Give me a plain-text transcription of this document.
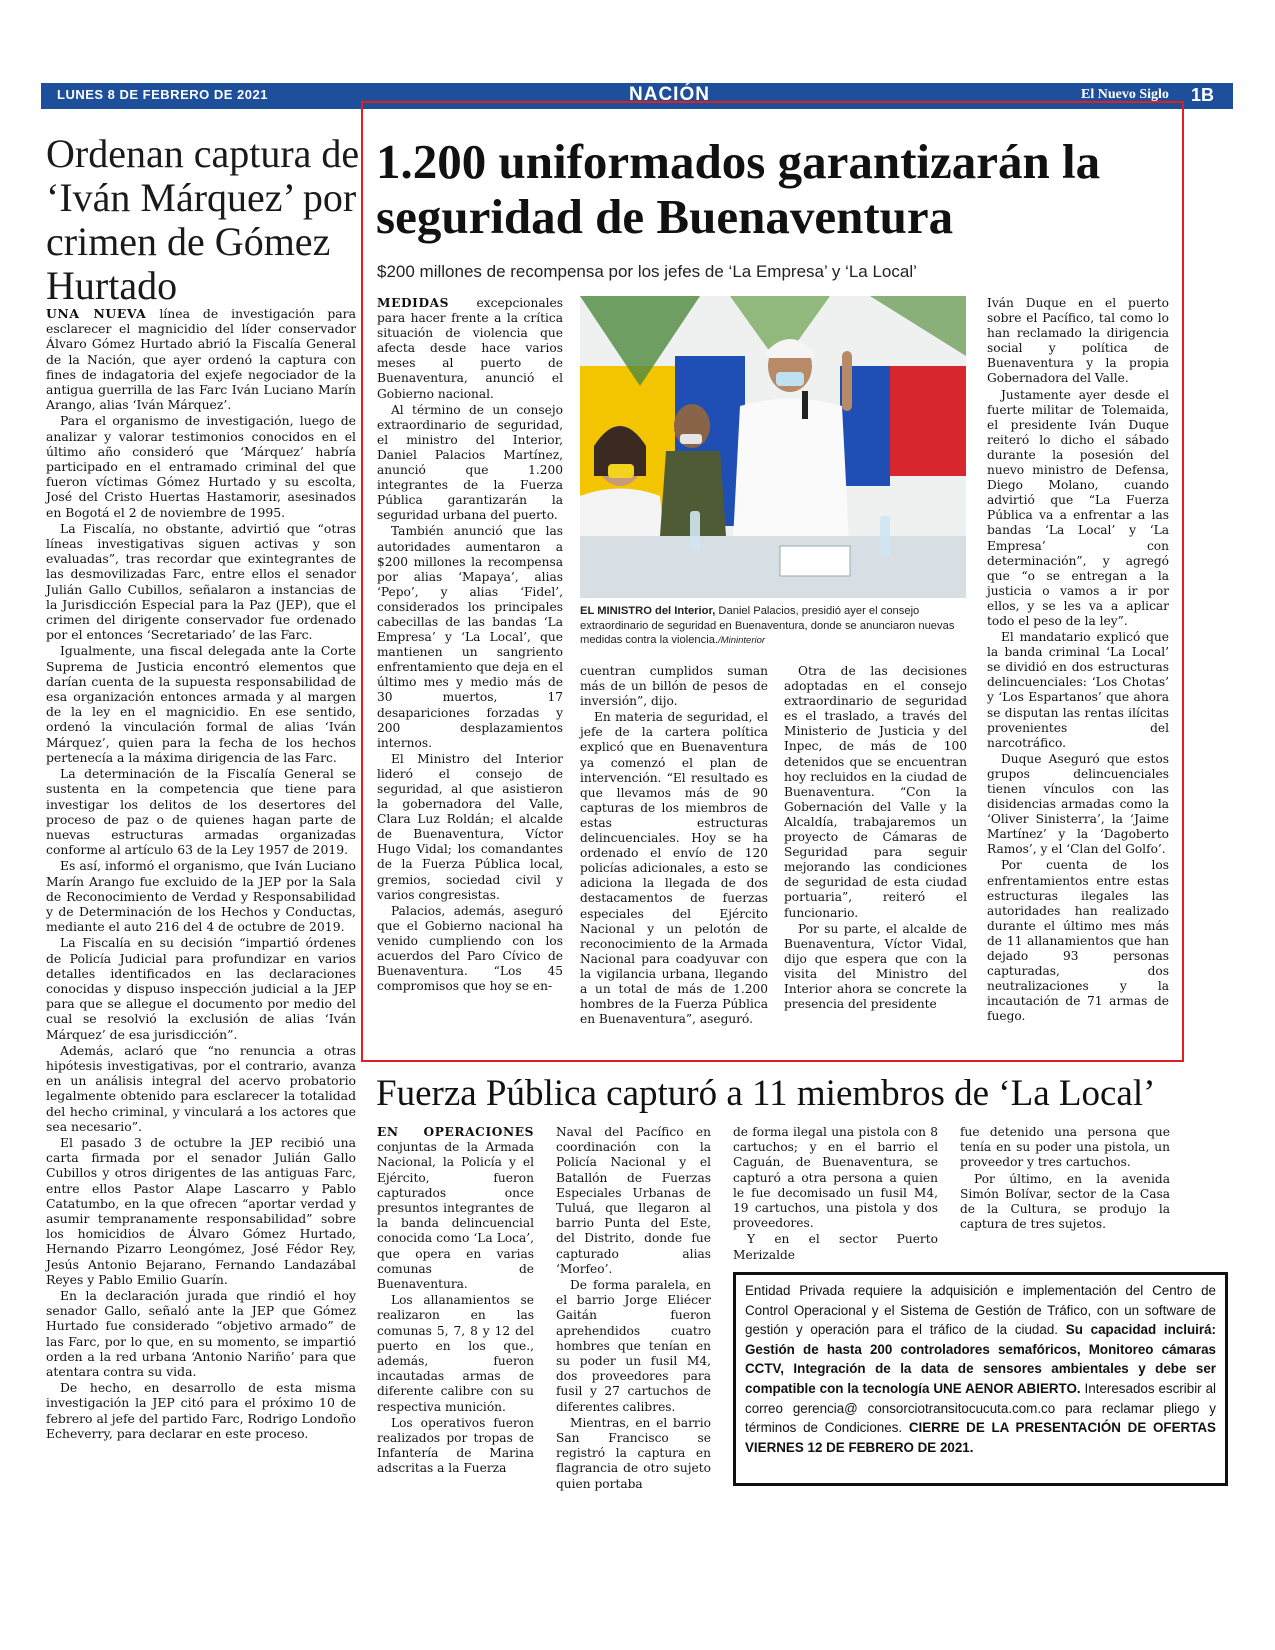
LUNES 8 DE FEBRERO DE 2021	NACIÓN	El Nuevo Siglo 1B
Ordenan captura de ‘Iván Márquez’ por crimen de Gómez Hurtado

UNA NUEVA línea de investigación para esclarecer el magnicidio del líder conservador Álvaro Gómez Hurtado abrió la Fiscalía General de la Nación, que ayer ordenó la captura con fines de indagatoria del exjefe negociador de la antigua guerrilla de las Farc Iván Luciano Marín Arango, alias ‘Iván Márquez’.

Para el organismo de investigación, luego de analizar y valorar testimonios conocidos en el último año consideró que ‘Márquez’ habría participado en el entramado criminal del que fueron víctimas Gómez Hurtado y su escolta, José del Cristo Huertas Hastamorir, asesinados en Bogotá el 2 de noviembre de 1995.

La Fiscalía, no obstante, advirtió que “otras líneas investigativas siguen activas y son evaluadas”, tras recordar que exintegrantes de las desmovilizadas Farc, entre ellos el senador Julián Gallo Cubillos, señalaron a instancias de la Jurisdicción Especial para la Paz (JEP), que el crimen del dirigente conservador fue ordenado por el entonces ‘Secretariado’ de las Farc.

Igualmente, una fiscal delegada ante la Corte Suprema de Justicia encontró elementos que darían cuenta de la supuesta responsabilidad de esa organización entonces armada y al margen de la ley en el magnicidio. En ese sentido, ordenó la vinculación formal de alias ‘Iván Márquez’, quien para la fecha de los hechos pertenecía a la máxima dirigencia de las Farc.

La determinación de la Fiscalía General se sustenta en la competencia que tiene para investigar los delitos de los desertores del proceso de paz o de quienes hagan parte de nuevas estructuras armadas organizadas conforme al artículo 63 de la Ley 1957 de 2019.

Es así, informó el organismo, que Iván Luciano Marín Arango fue excluido de la JEP por la Sala de Reconocimiento de Verdad y Responsabilidad y de Determinación de los Hechos y Conductas, mediante el auto 216 del 4 de octubre de 2019.

La Fiscalía en su decisión “impartió órdenes de Policía Judicial para profundizar en varios detalles identificados en las declaraciones conocidas y dispuso inspección judicial a la JEP para que se allegue el documento por medio del cual se resolvió la exclusión de alias ‘Iván Márquez’ de esa jurisdicción”.

Además, aclaró que “no renuncia a otras hipótesis investigativas, por el contrario, avanza en un análisis integral del acervo probatorio legalmente obtenido para esclarecer la totalidad del hecho criminal, y vinculará a los actores que sea necesario”.

El pasado 3 de octubre la JEP recibió una carta firmada por el senador Julián Gallo Cubillos y otros dirigentes de las antiguas Farc, entre ellos Pastor Alape Lascarro y Pablo Catatumbo, en la que ofrecen “aportar verdad y asumir tempranamente responsabilidad” sobre los homicidios de Álvaro Gómez Hurtado, Hernando Pizarro Leongómez, José Fédor Rey, Jesús Antonio Bejarano, Fernando Landazábal Reyes y Pablo Emilio Guarín.

En la declaración jurada que rindió el hoy senador Gallo, señaló ante la JEP que Gómez Hurtado fue considerado “objetivo armado” de las Farc, por lo que, en su momento, se impartió orden a la red urbana ‘Antonio Nariño’ para que atentara contra su vida.

De hecho, en desarrollo de esta misma investigación la JEP citó para el próximo 10 de febrero al jefe del partido Farc, Rodrigo Londoño Echeverry, para declarar en este proceso.

1.200 uniformados garantizarán la seguridad de Buenaventura
$200 millones de recompensa por los jefes de ‘La Empresa’ y ‘La Local’

MEDIDAS excepcionales para hacer frente a la crítica situación de violencia que afecta desde hace varios meses al puerto de Buenaventura, anunció el Gobierno nacional.

Al término de un consejo extraordinario de seguridad, el ministro del Interior, Daniel Palacios Martínez, anunció que 1.200 integrantes de la Fuerza Pública garantizarán la seguridad urbana del puerto.

También anunció que las autoridades aumentaron a $200 millones la recompensa por alias ‘Mapaya’, alias ‘Pepo’, y alias ‘Fidel’, considerados los principales cabecillas de las bandas ‘La Empresa’ y ‘La Local’, que mantienen un sangriento enfrentamiento que deja en el último mes y medio más de 30 muertos, 17 desapariciones forzadas y 200 desplazamientos internos.

El Ministro del Interior lideró el consejo de seguridad, al que asistieron la gobernadora del Valle, Clara Luz Roldán; el alcalde de Buenaventura, Víctor Hugo Vidal; los comandantes de la Fuerza Pública local, gremios, sociedad civil y varios congresistas.

Palacios, además, aseguró que el Gobierno nacional ha venido cumpliendo con los acuerdos del Paro Cívico de Buenaventura. “Los 45 compromisos que hoy se en-

EL MINISTRO del Interior, Daniel Palacios, presidió ayer el consejo extraordinario de seguridad en Buenaventura, donde se anunciaron nuevas medidas contra la violencia./Mininterior

cuentran cumplidos suman más de un billón de pesos de inversión”, dijo.

En materia de seguridad, el jefe de la cartera política explicó que en Buenaventura ya comenzó el plan de intervención. “El resultado es que llevamos más de 90 capturas de los miembros de estas estructuras delincuenciales. Hoy se ha ordenado el envío de 120 policías adicionales, a esto se adiciona la llegada de dos destacamentos de fuerzas especiales del Ejército Nacional y un pelotón de reconocimiento de la Armada Nacional para coadyuvar con la vigilancia urbana, llegando a un total de más de 1.200 hombres de la Fuerza Pública en Buenaventura”, aseguró.

Otra de las decisiones adoptadas en el consejo extraordinario de seguridad es el traslado, a través del Ministerio de Justicia y del Inpec, de más de 100 detenidos que se encuentran hoy recluidos en la ciudad de Buenaventura. “Con la Gobernación del Valle y la Alcaldía, trabajaremos un proyecto de Cámaras de Seguridad para seguir mejorando las condiciones de seguridad de esta ciudad portuaria”, reiteró el funcionario.

Por su parte, el alcalde de Buenaventura, Víctor Vidal, dijo que espera que con la visita del Ministro del Interior ahora se concrete la presencia del presidente

Iván Duque en el puerto sobre el Pacífico, tal como lo han reclamado la dirigencia social y política de Buenaventura y la propia Gobernadora del Valle.

Justamente ayer desde el fuerte militar de Tolemaida, el presidente Iván Duque reiteró lo dicho el sábado durante la posesión del nuevo ministro de Defensa, Diego Molano, cuando advirtió que “La Fuerza Pública va a enfrentar a las bandas ‘La Local’ y ‘La Empresa’ con determinación”, y agregó que “o se entregan a la justicia o vamos a ir por ellos, y se les va a aplicar todo el peso de la ley”.

El mandatario explicó que la banda criminal ‘La Local’ se dividió en dos estructuras delincuenciales: ‘Los Chotas’ y ‘Los Espartanos’ que ahora se disputan las rentas ilícitas provenientes del narcotráfico.

Duque Aseguró que estos grupos delincuenciales tienen vínculos con las disidencias armadas como la ‘Oliver Sinisterra’, la ‘Jaime Martínez’ y la ‘Dagoberto Ramos’, y el ‘Clan del Golfo’.

Por cuenta de los enfrentamientos entre estas estructuras ilegales las autoridades han realizado durante el último mes más de 11 allanamientos que han dejado 93 personas capturadas, dos neutralizaciones y la incautación de 71 armas de fuego.

Fuerza Pública capturó a 11 miembros de ‘La Local’

EN OPERACIONES conjuntas de la Armada Nacional, la Policía y el Ejército, fueron capturados once presuntos integrantes de la banda delincuencial conocida como ‘La Loca’, que opera en varias comunas de Buenaventura.

Los allanamientos se realizaron en las comunas 5, 7, 8 y 12 del puerto en los que., además, fueron incautadas armas de diferente calibre con su respectiva munición.

Los operativos fueron realizados por tropas de Infantería de Marina adscritas a la Fuerza

Naval del Pacífico en coordinación con la Policía Nacional y el Batallón de Fuerzas Especiales Urbanas de Tuluá, que llegaron al barrio Punta del Este, del Distrito, donde fue capturado alias ‘Morfeo’.

De forma paralela, en el barrio Jorge Eliécer Gaitán fueron aprehendidos cuatro hombres que tenían en su poder un fusil M4, dos proveedores para fusil y 27 cartuchos de diferentes calibres.

Mientras, en el barrio San Francisco se registró la captura en flagrancia de otro sujeto quien portaba

de forma ilegal una pistola con 8 cartuchos; y en el barrio el Caguán, de Buenaventura, se capturó a otra persona a quien le fue decomisado un fusil M4, 19 cartuchos, una pistola y dos proveedores.

Y en el sector Puerto Merizalde

fue detenido una persona que tenía en su poder una pistola, un proveedor y tres cartuchos.

Por último, en la avenida Simón Bolívar, sector de la Casa de la Cultura, se produjo la captura de tres sujetos.

Entidad Privada requiere la adquisición e implementación del Centro de Control Operacional y el Sistema de Gestión de Tráfico, con un software de gestión y operación para el tráfico de la ciudad. Su capacidad incluirá: Gestión de hasta 200 controladores semafóricos, Monitoreo cámaras CCTV, Integración de la data de sensores ambientales y debe ser compatible con la tecnología UNE AENOR ABIERTO. Interesados escribir al correo gerencia@ consorciotransitocucuta.com.co para reclamar pliego y términos de Condiciones. CIERRE DE LA PRESENTACIÓN DE OFERTAS VIERNES 12 DE FEBRERO DE 2021.
